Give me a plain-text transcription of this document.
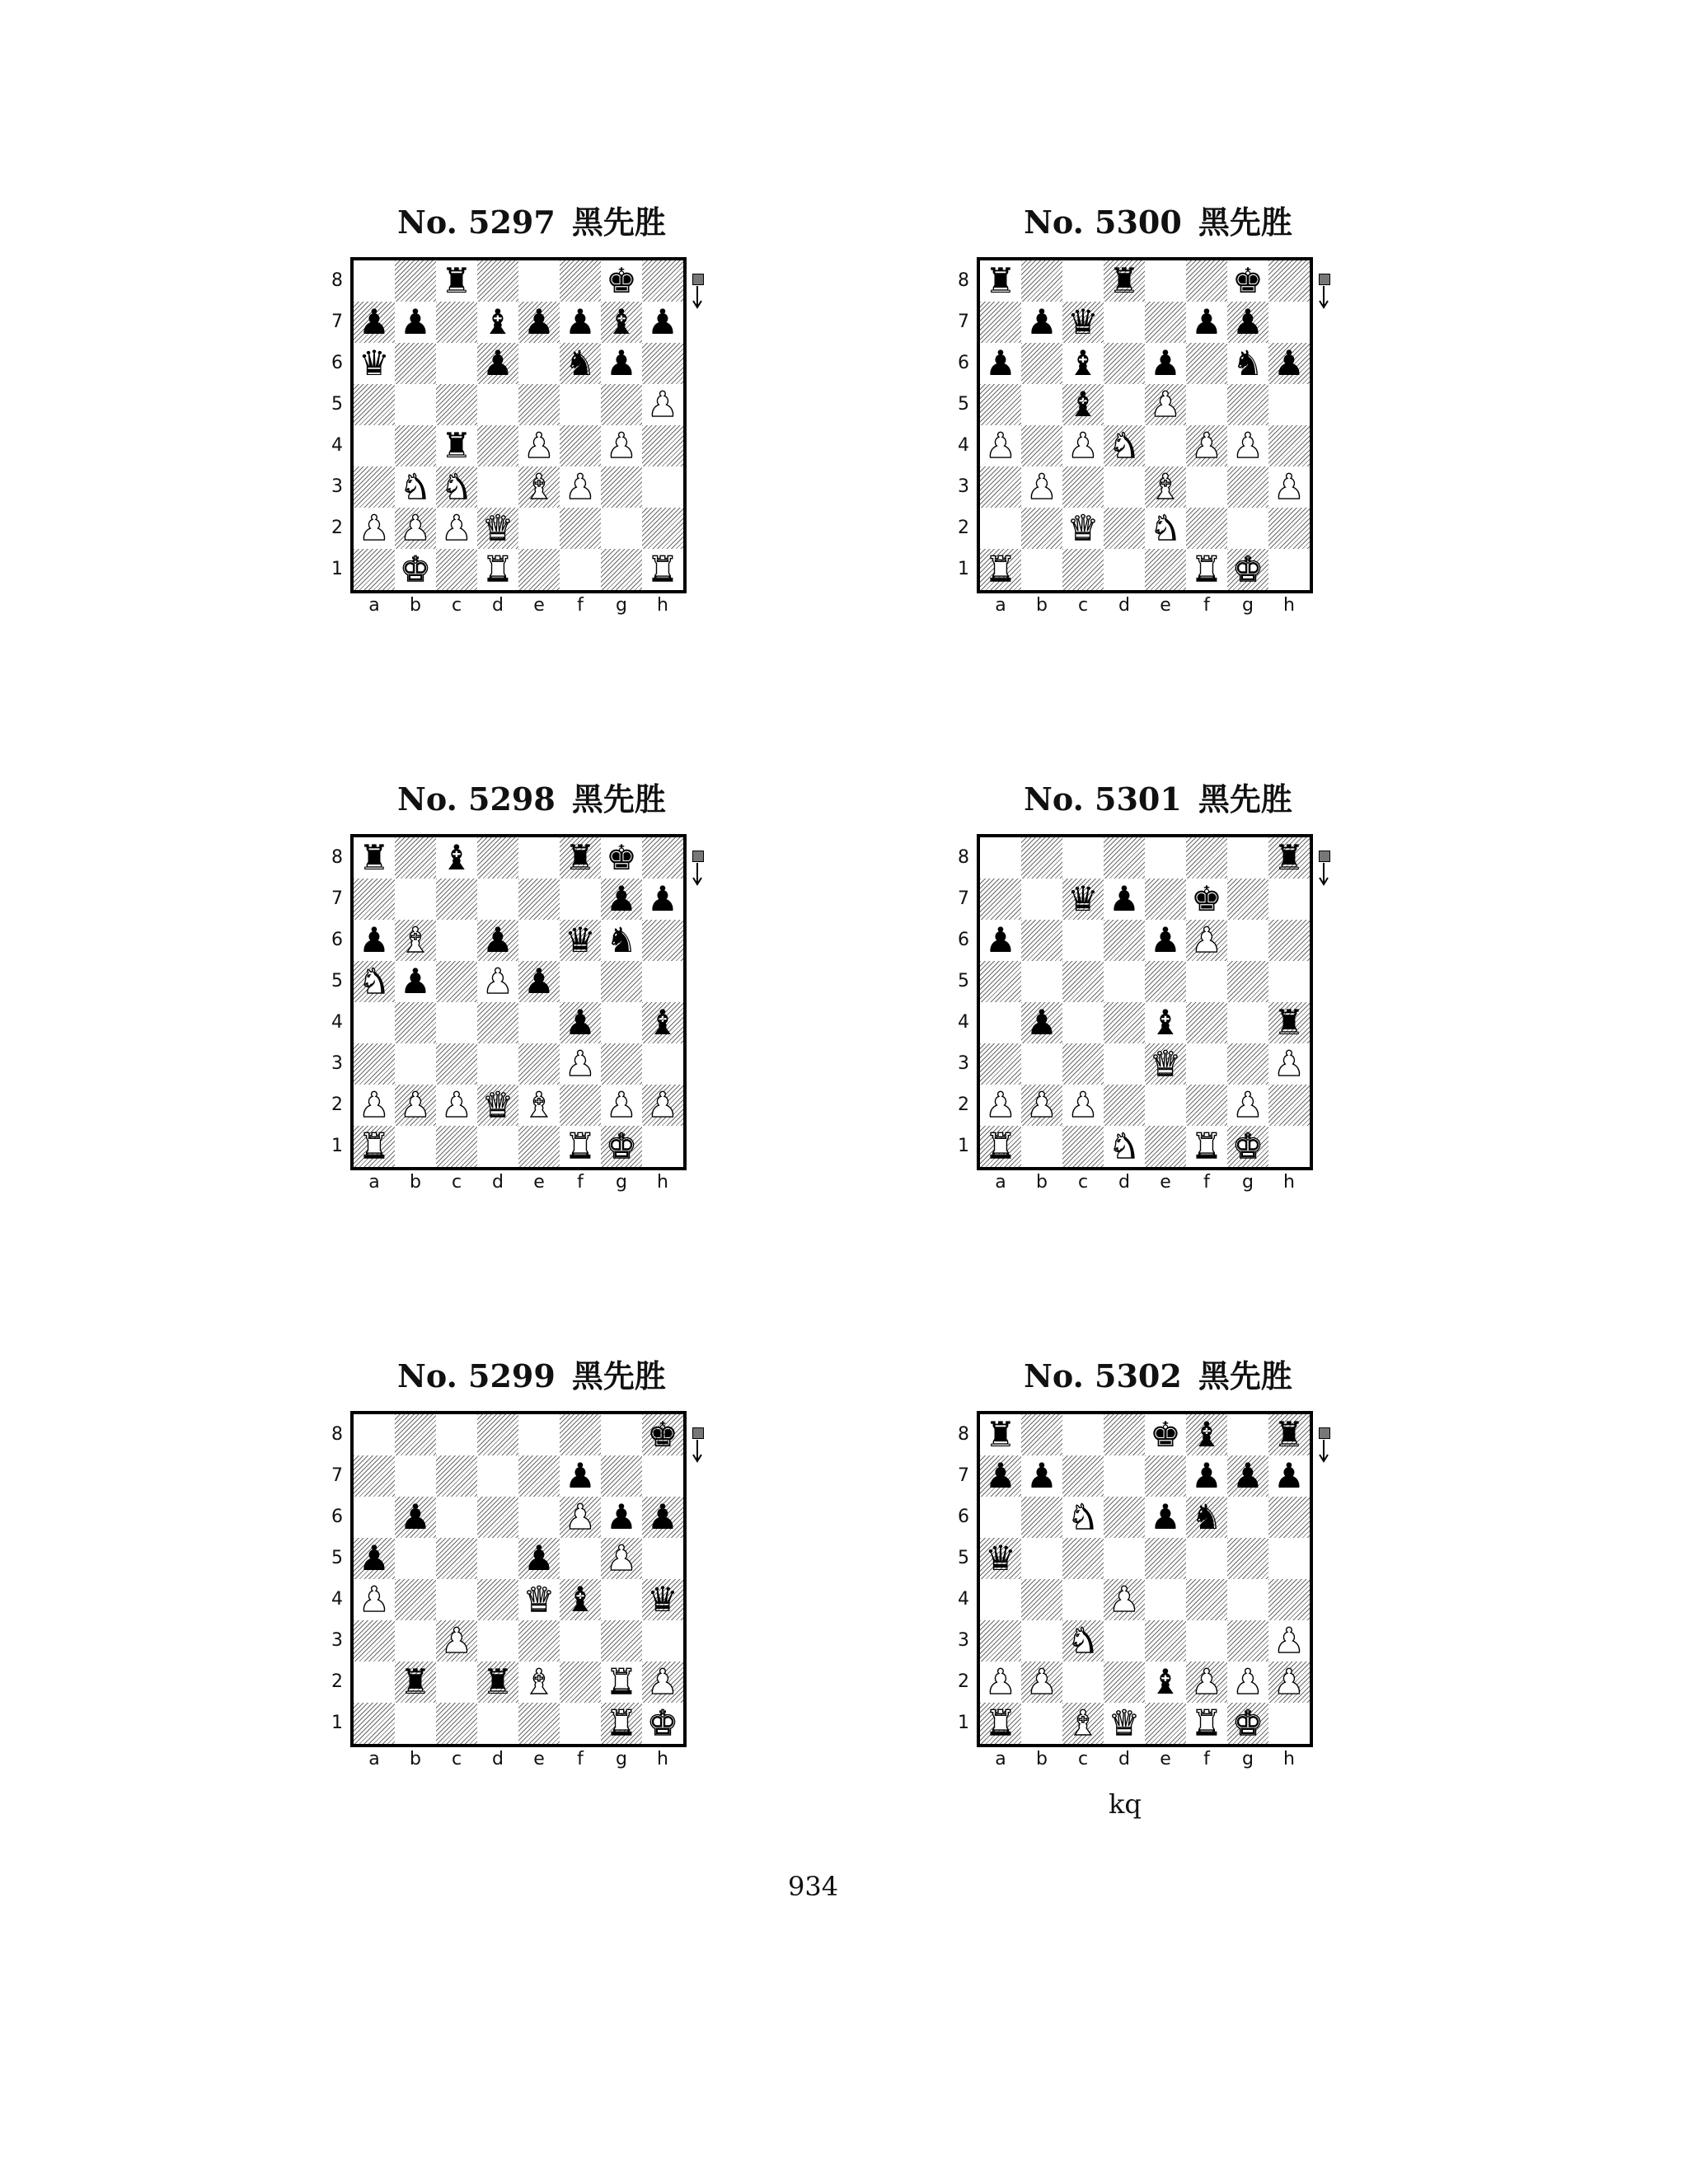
No. 5297 黑先胜
♜	♚
♟ ♟ ♝ ♟ ♟ ♝ ♟
♛	♟ ♞ ♟
♟
♜ ♟ ♟
♞ ♞ ♝ ♟
♟ ♟ ♟ ♛
♚ ♜	♜
8
7
6
5
4
3
2
1
a	b	c	d	e	f	g	h
No. 5300 黑先胜
♜	♜	♚
♟ ♛	♟ ♟
♟ ♝ ♟ ♞ ♟
♝ ♟
♟ ♟ ♞ ♟ ♟
♟	♝	♟
♛ ♞
♜	♜ ♚
8
7
6
5
4
3
2
1
a	b	c	d	e	f	g	h
No. 5298 黑先胜
♜ ♝	♜ ♚
♟ ♟
♟ ♝ ♟ ♛ ♞
♞ ♟ ♟ ♟
♟ ♝
♟
♟ ♟ ♟ ♛ ♝ ♟ ♟
♜	♜ ♚
8
7
6
5
4
3
2
1
a	b	c	d	e	f	g	h
No. 5301 黑先胜
♜
♛ ♟ ♚
♟	♟ ♟
♟	♝	♜
♛	♟
♟ ♟ ♟	♟
♜	♞ ♜ ♚
8
7
6
5
4
3
2
1
a	b	c	d	e	f	g	h
No. 5299 黑先胜
♚
♟
♟	♟ ♟ ♟
♟	♟ ♟
♟	♛ ♝ ♛
♟
♜ ♜ ♝ ♜ ♟
♜ ♚
8
7
6
5
4
3
2
1
a	b	c	d	e	f	g	h
No. 5302 黑先胜
♜	♚ ♝ ♜
♟ ♟	♟ ♟ ♟
♞ ♟ ♞
♛
♟
♞	♟
♟ ♟	♝ ♟ ♟ ♟
♜ ♝ ♛ ♜ ♚
8
7
6
5
4
3
2
1
a	b	c	d	e	f	g	h
kq
934
